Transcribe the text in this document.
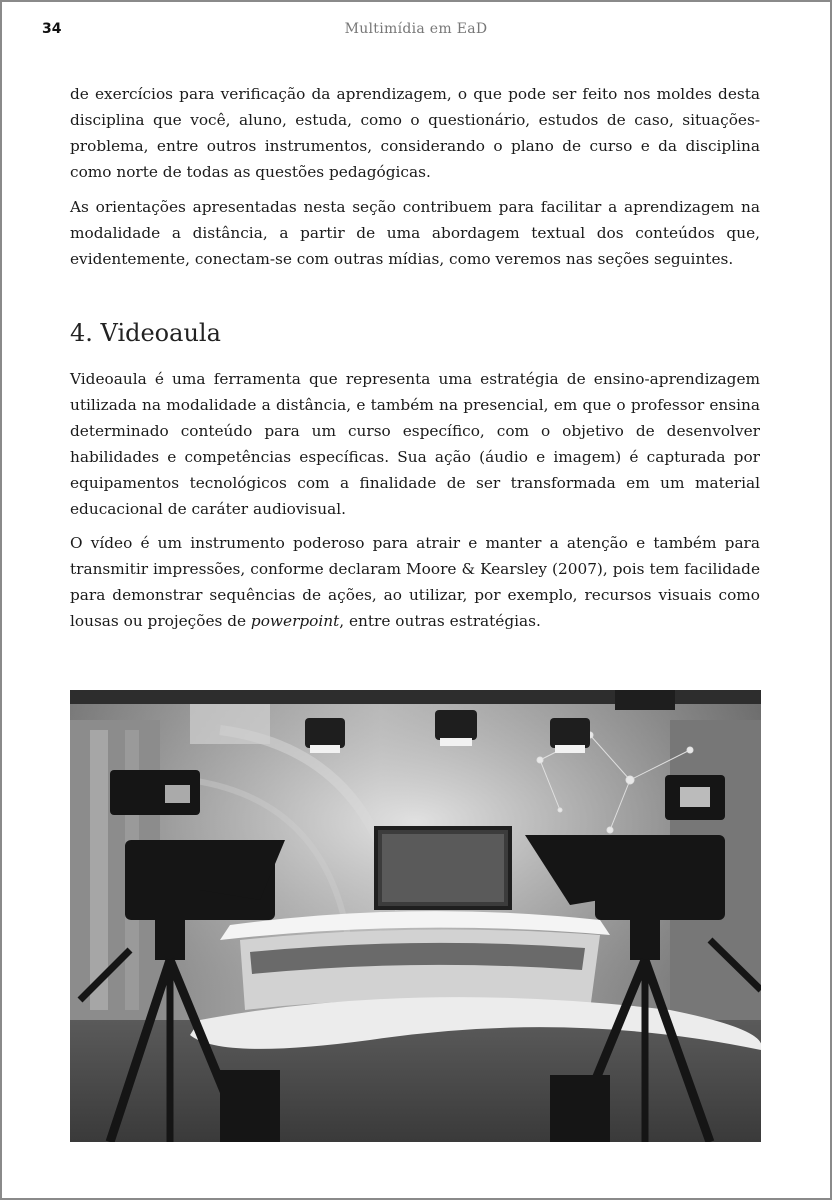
34	Multimídia em EaD

de exercícios para verificação da aprendizagem, o que pode ser feito nos moldes desta disciplina que você, aluno, estuda, como o questionário, estudos de caso, situações-problema, entre outros instrumentos, considerando o plano de curso e da disciplina como norte de todas as questões pedagógicas.

As orientações apresentadas nesta seção contribuem para facilitar a aprendizagem na modalidade a distância, a partir de uma abordagem textual dos conteúdos que, evidentemente, conectam-se com outras mídias, como veremos nas seções seguintes.

4. Videoaula

Videoaula é uma ferramenta que representa uma estratégia de ensino-aprendizagem utilizada na modalidade a distância, e também na presencial, em que o professor ensina determinado conteúdo para um curso específico, com o objetivo de desenvolver habilidades e competências específicas. Sua ação (áudio e imagem) é capturada por equipamentos tecnológicos com a finalidade de ser transformada em um material educacional de caráter audiovisual.

O vídeo é um instrumento poderoso para atrair e manter a atenção e também para transmitir impressões, conforme declaram Moore & Kearsley (2007), pois tem facilidade para demonstrar sequências de ações, ao utilizar, por exemplo, recursos visuais como lousas ou projeções de powerpoint, entre outras estratégias.
